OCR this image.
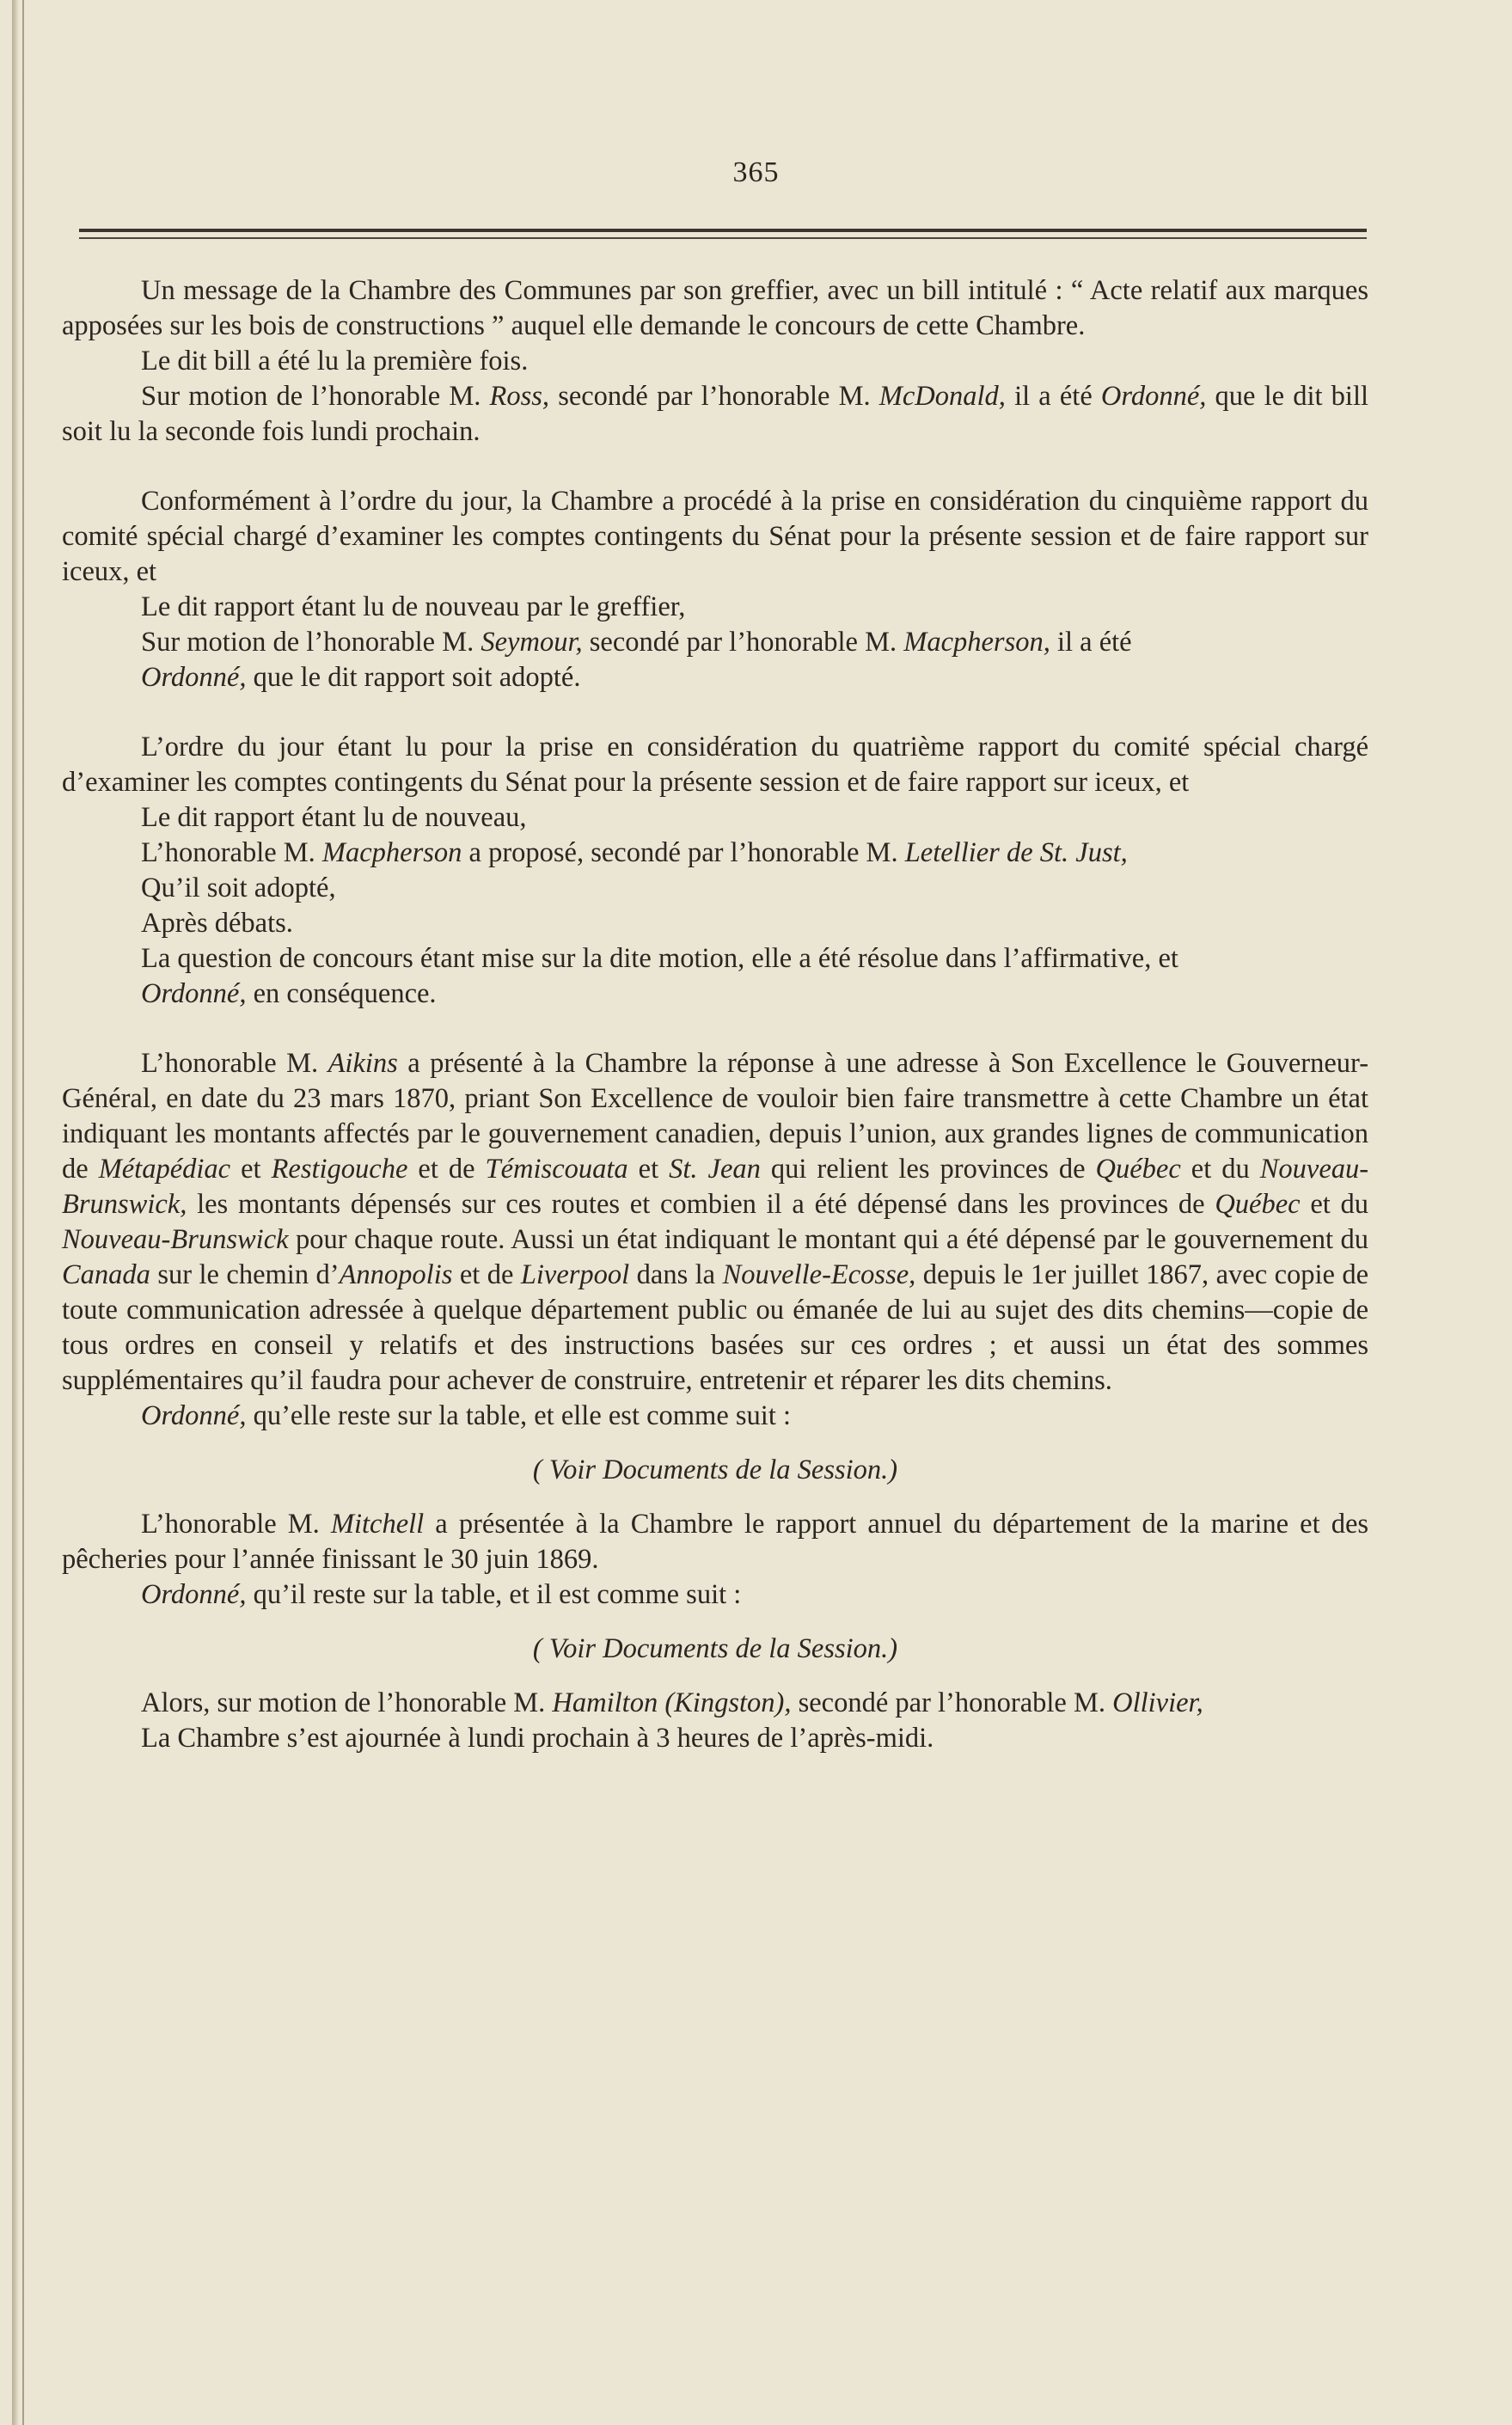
365

Un message de la Chambre des Communes par son greffier, avec un bill intitulé : “ Acte relatif aux marques apposées sur les bois de constructions ” auquel elle demande le concours de cette Chambre.

Le dit bill a été lu la première fois.

Sur motion de l’honorable M. Ross, secondé par l’honorable M. McDonald, il a été Ordonné, que le dit bill soit lu la seconde fois lundi prochain.

Conformément à l’ordre du jour, la Chambre a procédé à la prise en considération du cinquième rapport du comité spécial chargé d’examiner les comptes contingents du Sénat pour la présente session et de faire rapport sur iceux, et

Le dit rapport étant lu de nouveau par le greffier,

Sur motion de l’honorable M. Seymour, secondé par l’honorable M. Macpherson, il a été

Ordonné, que le dit rapport soit adopté.

L’ordre du jour étant lu pour la prise en considération du quatrième rapport du comité spécial chargé d’examiner les comptes contingents du Sénat pour la présente session et de faire rapport sur iceux, et

Le dit rapport étant lu de nouveau,

L’honorable M. Macpherson a proposé, secondé par l’honorable M. Letellier de St. Just,

Qu’il soit adopté,

Après débats.

La question de concours étant mise sur la dite motion, elle a été résolue dans l’affirmative, et

Ordonné, en conséquence.

L’honorable M. Aikins a présenté à la Chambre la réponse à une adresse à Son Excellence le Gouverneur-Général, en date du 23 mars 1870, priant Son Excellence de vouloir bien faire transmettre à cette Chambre un état indiquant les montants affectés par le gouvernement canadien, depuis l’union, aux grandes lignes de communication de Métapédiac et Restigouche et de Témiscouata et St. Jean qui relient les provinces de Québec et du Nouveau-Brunswick, les montants dépensés sur ces routes et combien il a été dépensé dans les provinces de Québec et du Nouveau-Brunswick pour chaque route. Aussi un état indiquant le montant qui a été dépensé par le gouvernement du Canada sur le chemin d’Annopolis et de Liverpool dans la Nouvelle-Ecosse, depuis le 1er juillet 1867, avec copie de toute communication adressée à quelque département public ou émanée de lui au sujet des dits chemins—copie de tous ordres en conseil y relatifs et des instructions basées sur ces ordres ; et aussi un état des sommes supplémentaires qu’il faudra pour achever de construire, entretenir et réparer les dits chemins.

Ordonné, qu’elle reste sur la table, et elle est comme suit :

( Voir Documents de la Session.)

L’honorable M. Mitchell a présentée à la Chambre le rapport annuel du département de la marine et des pêcheries pour l’année finissant le 30 juin 1869.

Ordonné, qu’il reste sur la table, et il est comme suit :

( Voir Documents de la Session.)

Alors, sur motion de l’honorable M. Hamilton (Kingston), secondé par l’honorable M. Ollivier,

La Chambre s’est ajournée à lundi prochain à 3 heures de l’après-midi.
